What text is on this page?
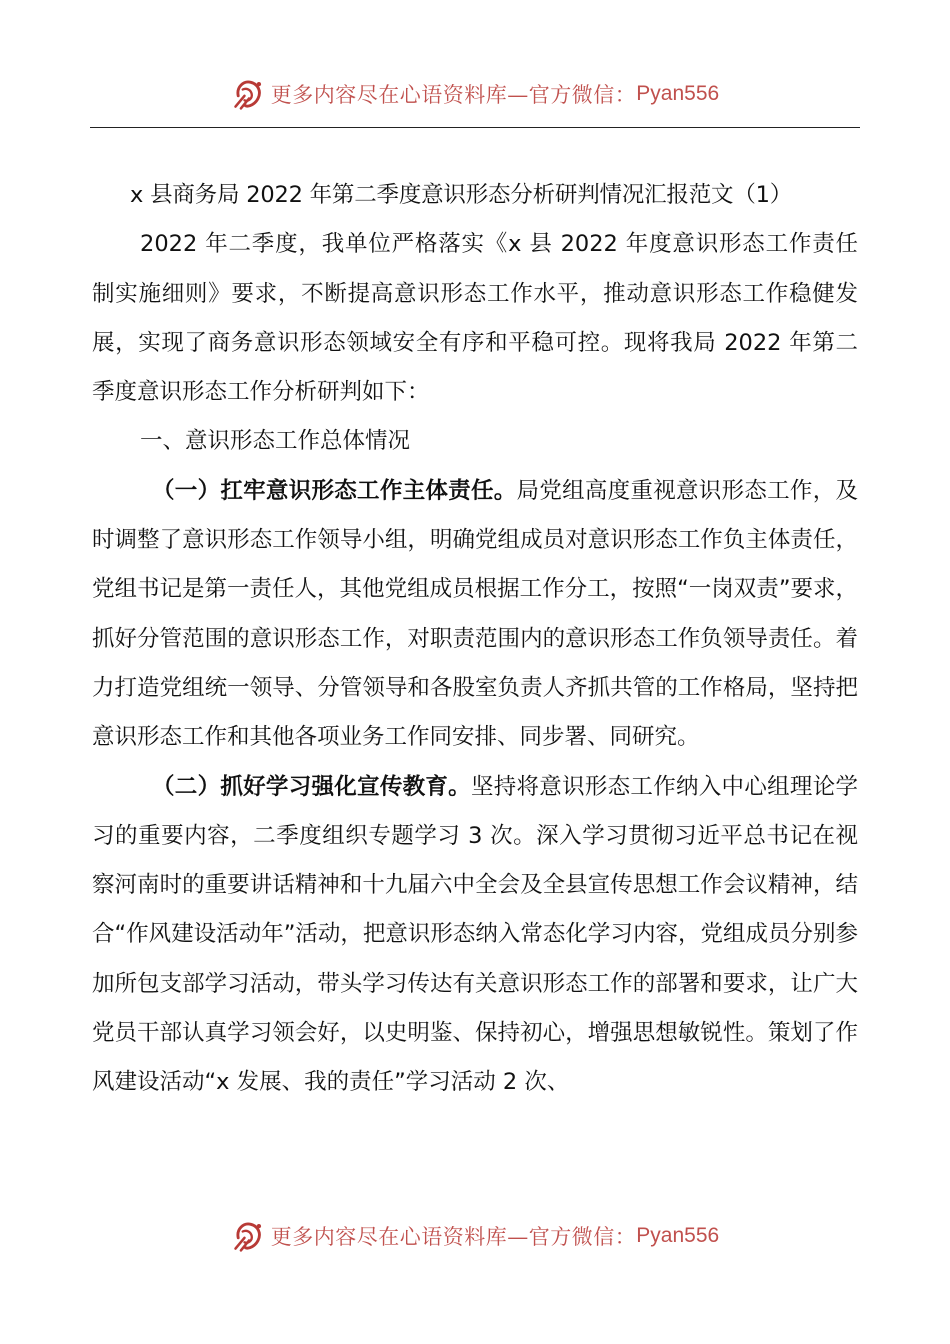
更多内容尽在心语资料库—官方微信： Pyan556

x 县商务局 2022 年第二季度意识形态分析研判情况汇报范文（1）

2022 年二季度，我单位严格落实《x 县 2022 年度意识形态工作责任制实施细则》要求，不断提高意识形态工作水平，推动意识形态工作稳健发展，实现了商务意识形态领域安全有序和平稳可控。现将我局 2022 年第二季度意识形态工作分析研判如下：

一、意识形态工作总体情况

（一）扛牢意识形态工作主体责任。局党组高度重视意识形态工作，及时调整了意识形态工作领导小组，明确党组成员对意识形态工作负主体责任，党组书记是第一责任人，其他党组成员根据工作分工，按照“一岗双责”要求，抓好分管范围的意识形态工作，对职责范围内的意识形态工作负领导责任。着力打造党组统一领导、分管领导和各股室负责人齐抓共管的工作格局，坚持把意识形态工作和其他各项业务工作同安排、同步署、同研究。

（二）抓好学习强化宣传教育。坚持将意识形态工作纳入中心组理论学习的重要内容，二季度组织专题学习 3 次。深入学习贯彻习近平总书记在视察河南时的重要讲话精神和十九届六中全会及全县宣传思想工作会议精神，结合“作风建设活动年”活动，把意识形态纳入常态化学习内容，党组成员分别参加所包支部学习活动，带头学习传达有关意识形态工作的部署和要求，让广大党员干部认真学习领会好，以史明鉴、保持初心，增强思想敏锐性。策划了作风建设活动“x 发展、我的责任”学习活动 2 次、

更多内容尽在心语资料库—官方微信： Pyan556
